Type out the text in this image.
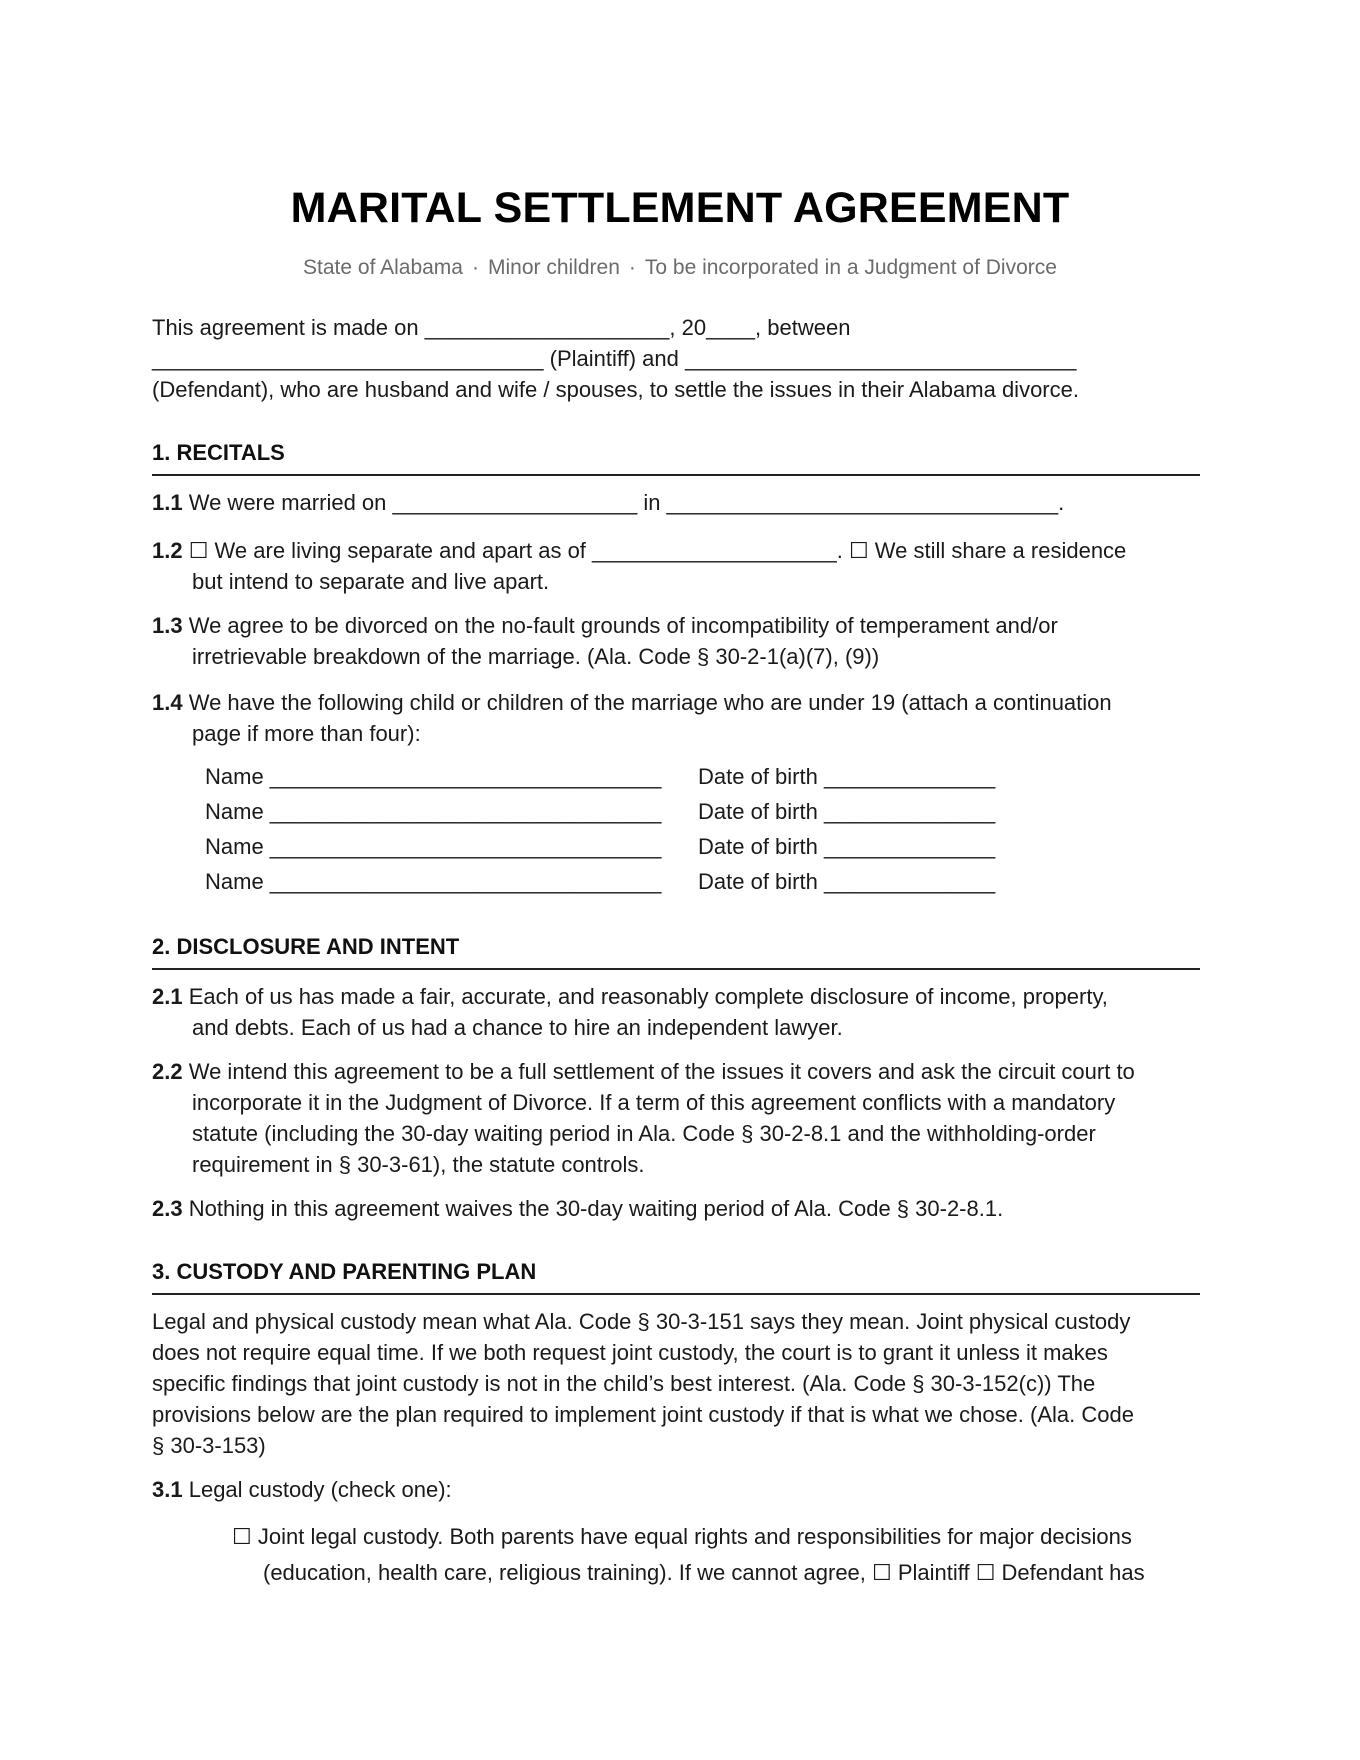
MARITAL SETTLEMENT AGREEMENT
State of Alabama · Minor children · To be incorporated in a Judgment of Divorce
This agreement is made on ____________________, 20____, between
________________________________ (Plaintiff) and ________________________________
(Defendant), who are husband and wife / spouses, to settle the issues in their Alabama divorce.
1. RECITALS
1.1 We were married on ____________________ in ________________________________.
1.2 ☐ We are living separate and apart as of ____________________. ☐ We still share a residence
but intend to separate and live apart.
1.3 We agree to be divorced on the no-fault grounds of incompatibility of temperament and/or
irretrievable breakdown of the marriage. (Ala. Code § 30-2-1(a)(7), (9))
1.4 We have the following child or children of the marriage who are under 19 (attach a continuation
page if more than four):
Name ________________________________ Date of birth ______________
Name ________________________________ Date of birth ______________
Name ________________________________ Date of birth ______________
Name ________________________________ Date of birth ______________
2. DISCLOSURE AND INTENT
2.1 Each of us has made a fair, accurate, and reasonably complete disclosure of income, property,
and debts. Each of us had a chance to hire an independent lawyer.
2.2 We intend this agreement to be a full settlement of the issues it covers and ask the circuit court to
incorporate it in the Judgment of Divorce. If a term of this agreement conflicts with a mandatory
statute (including the 30-day waiting period in Ala. Code § 30-2-8.1 and the withholding-order
requirement in § 30-3-61), the statute controls.
2.3 Nothing in this agreement waives the 30-day waiting period of Ala. Code § 30-2-8.1.
3. CUSTODY AND PARENTING PLAN
Legal and physical custody mean what Ala. Code § 30-3-151 says they mean. Joint physical custody
does not require equal time. If we both request joint custody, the court is to grant it unless it makes
specific findings that joint custody is not in the child’s best interest. (Ala. Code § 30-3-152(c)) The
provisions below are the plan required to implement joint custody if that is what we chose. (Ala. Code
§ 30-3-153)
3.1 Legal custody (check one):
☐ Joint legal custody. Both parents have equal rights and responsibilities for major decisions
(education, health care, religious training). If we cannot agree, ☐ Plaintiff ☐ Defendant has
